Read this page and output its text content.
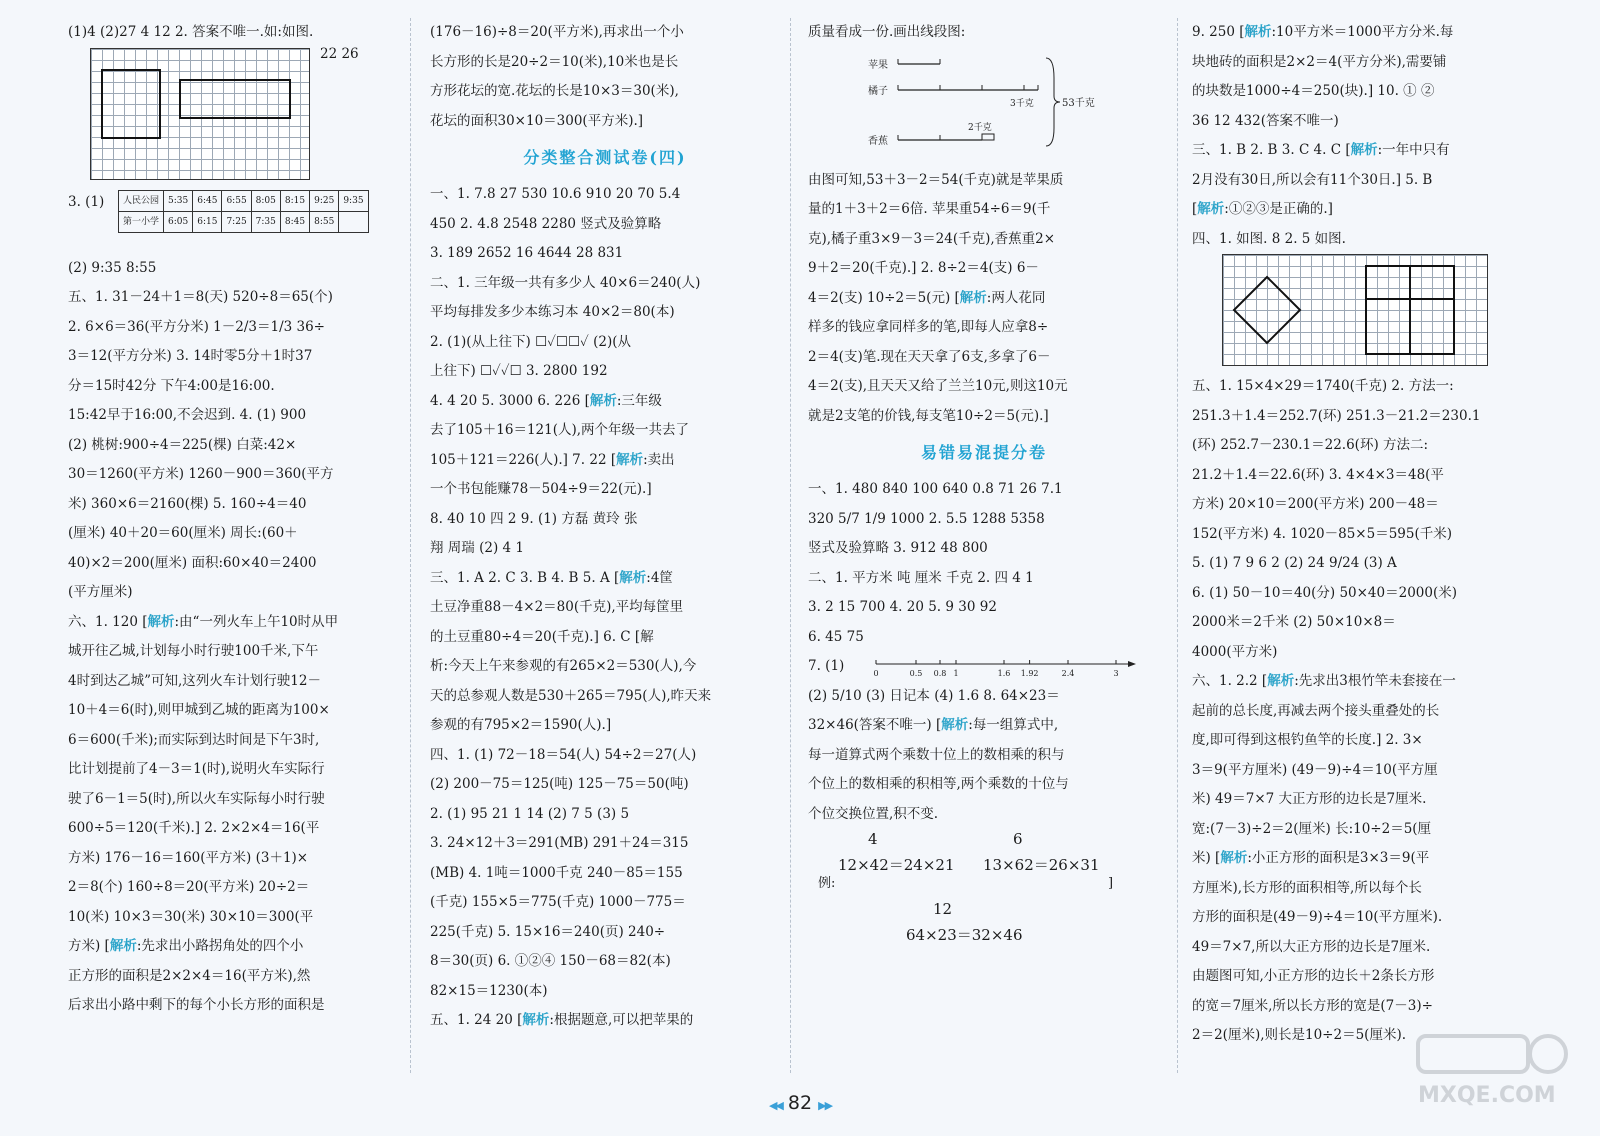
(1)4 (2)27 4 12 2. 答案不唯一.如:如图.
22 26
3. (1) 人民公园	5:35	6:45	6:55	8:05	8:15	9:25	9:35
第一小学	6:05	6:15	7:25	7:35	8:45	8:55	
(2) 9:35 8:55
五、1. 31－24＋1＝8(天) 520÷8＝65(个)
2. 6×6＝36(平方分米) 1－2/3＝1/3 36÷
3＝12(平方分米) 3. 14时零5分＋1时37
分＝15时42分 下午4:00是16:00.
15:42早于16:00,不会迟到. 4. (1) 900
(2) 桃树:900÷4＝225(棵) 白菜:42×
30＝1260(平方米) 1260－900＝360(平方
米) 360×6＝2160(棵) 5. 160÷4＝40
(厘米) 40＋20＝60(厘米) 周长:(60＋
40)×2＝200(厘米) 面积:60×40＝2400
(平方厘米)
六、1. 120 [解析:由“一列火车上午10时从甲
城开往乙城,计划每小时行驶100千米,下午
4时到达乙城”可知,这列火车计划行驶12－
10＋4＝6(时),则甲城到乙城的距离为100×
6＝600(千米);而实际到达时间是下午3时,
比计划提前了4－3＝1(时),说明火车实际行
驶了6－1＝5(时),所以火车实际每小时行驶
600÷5＝120(千米).] 2. 2×2×4＝16(平
方米) 176－16＝160(平方米) (3＋1)×
2＝8(个) 160÷8＝20(平方米) 20÷2＝
10(米) 10×3＝30(米) 30×10＝300(平
方米) [解析:先求出小路拐角处的四个小
正方形的面积是2×2×4＝16(平方米),然
后求出小路中剩下的每个小长方形的面积是
(176－16)÷8＝20(平方米),再求出一个小
长方形的长是20÷2＝10(米),10米也是长
方形花坛的宽.花坛的长是10×3＝30(米),
花坛的面积30×10＝300(平方米).]
分类整合测试卷(四)
一、1. 7.8 27 530 10.6 910 20 70 5.4
450 2. 4.8 2548 2280 竖式及验算略
3. 189 2652 16 4644 28 831
二、1. 三年级一共有多少人 40×6＝240(人)
平均每排发多少本练习本 40×2＝80(本)
2. (1)(从上往下) ☐✓☐☐✓ (2)(从
上往下) ☐✓✓☐ 3. 2800 192
4. 4 20 5. 3000 6. 226 [解析:三年级
去了105＋16＝121(人),两个年级一共去了
105＋121＝226(人).] 7. 22 [解析:卖出
一个书包能赚78－504÷9＝22(元).]
8. 40 10 四 2 9. (1) 方磊 黄玲 张
翔 周瑞 (2) 4 1
三、1. A 2. C 3. B 4. B 5. A [解析:4筐
土豆净重88－4×2＝80(千克),平均每筐里
的土豆重80÷4＝20(千克).] 6. C [解
析:今天上午来参观的有265×2＝530(人),今
天的总参观人数是530＋265＝795(人),昨天来
参观的有795×2＝1590(人).]
四、1. (1) 72－18＝54(人) 54÷2＝27(人)
(2) 200－75＝125(吨) 125－75＝50(吨)
2. (1) 95 21 1 14 (2) 7 5 (3) 5
3. 24×12＋3＝291(MB) 291＋24＝315
(MB) 4. 1吨＝1000千克 240－85＝155
(千克) 155×5＝775(千克) 1000－775＝
225(千克) 5. 15×16＝240(页) 240÷
8＝30(页) 6. ①②④ 150－68＝82(本)
82×15＝1230(本)
五、1. 24 20 [解析:根据题意,可以把苹果的
质量看成一份.画出线段图:
苹果
橘子
3千克
香蕉
2千克
53千克
由图可知,53＋3－2＝54(千克)就是苹果质
量的1＋3＋2＝6倍. 苹果重54÷6＝9(千
克),橘子重3×9－3＝24(千克),香蕉重2×
9＋2＝20(千克).] 2. 8÷2＝4(支) 6－
4＝2(支) 10÷2＝5(元) [解析:两人花同
样多的钱应拿同样多的笔,即每人应拿8÷
2＝4(支)笔.现在天天拿了6支,多拿了6－
4＝2(支),且天天又给了兰兰10元,则这10元
就是2支笔的价钱,每支笔10÷2＝5(元).]
易错易混提分卷
一、1. 480 840 100 640 0.8 71 26 7.1
320 5/7 1/9 1000 2. 5.5 1288 5358
竖式及验算略 3. 912 48 800
二、1. 平方米 吨 厘米 千克 2. 四 4 1
3. 2 15 700 4. 20 5. 9 30 92
6. 45 75
7. (1)	0	0.5 0.8 1	1.6 1.92	2.4	3
(2) 5/10 (3) 日记本 (4) 1.6 8. 64×23＝
32×46(答案不唯一) [解析:每一组算式中,
每一道算式两个乘数十位上的数相乘的积与
个位上的数相乘的积相等,两个乘数的十位与
个位交换位置,积不变.
例:
4
12×42＝24×21
6
13×62＝26×31
12
64×23＝32×46
]
9. 250 [解析:10平方米＝1000平方分米.每
块地砖的面积是2×2＝4(平方分米),需要铺
的块数是1000÷4＝250(块).] 10. ① ②
36 12 432(答案不唯一)
三、1. B 2. B 3. C 4. C [解析:一年中只有
2月没有30日,所以会有11个30日.] 5. B
[解析:①②③是正确的.]
四、1. 如图. 8 2. 5 如图.
五、1. 15×4×29＝1740(千克) 2. 方法一:
251.3＋1.4＝252.7(环) 251.3－21.2＝230.1
(环) 252.7－230.1＝22.6(环) 方法二:
21.2＋1.4＝22.6(环) 3. 4×4×3＝48(平
方米) 20×10＝200(平方米) 200－48＝
152(平方米) 4. 1020－85×5＝595(千米)
5. (1) 7 9 6 2 (2) 24 9/24 (3) A
6. (1) 50－10＝40(分) 50×40＝2000(米)
2000米＝2千米 (2) 50×10×8＝
4000(平方米)
六、1. 2.2 [解析:先求出3根竹竿未套接在一
起前的总长度,再减去两个接头重叠处的长
度,即可得到这根钓鱼竿的长度.] 2. 3×
3＝9(平方厘米) (49－9)÷4＝10(平方厘
米) 49＝7×7 大正方形的边长是7厘米.
宽:(7－3)÷2＝2(厘米) 长:10÷2＝5(厘
米) [解析:小正方形的面积是3×3＝9(平
方厘米),长方形的面积相等,所以每个长
方形的面积是(49－9)÷4＝10(平方厘米).
49＝7×7,所以大正方形的边长是7厘米.
由题图可知,小正方形的边长＋2条长方形
的宽＝7厘米,所以长方形的宽是(7－3)÷
2＝2(厘米),则长是10÷2＝5(厘米).
◀◀ 82 ▶▶	MXQE.COM
